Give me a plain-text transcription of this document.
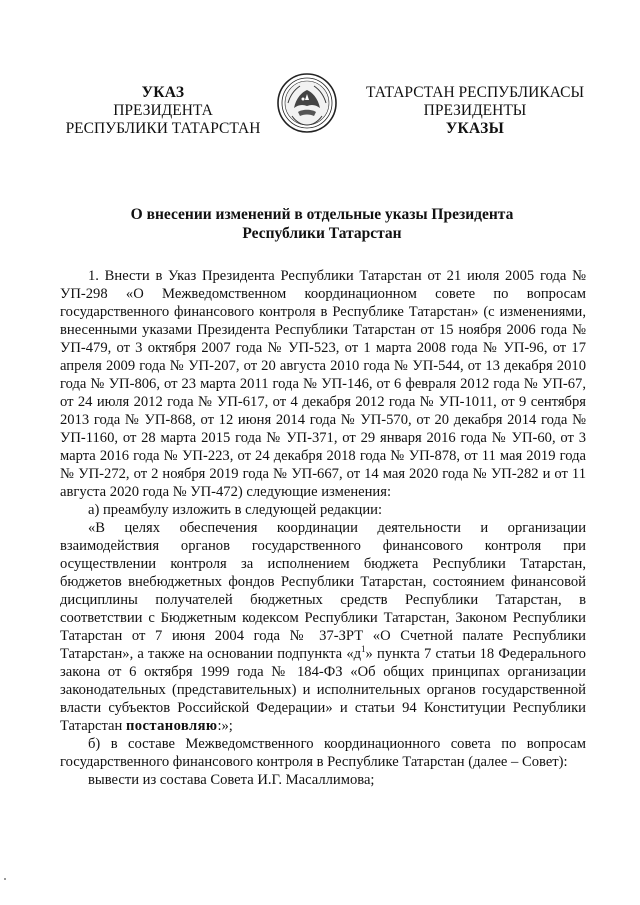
УКАЗ
ПРЕЗИДЕНТА
РЕСПУБЛИКИ ТАТАРСТАН
ТАТАРСТАН РЕСПУБЛИКАСЫ
ПРЕЗИДЕНТЫ
УКАЗЫ
О внесении изменений в отдельные указы Президента
Республики Татарстан

1. Внести в Указ Президента Республики Татарстан от 21 июля 2005 года № УП-298 «О Межведомственном координационном совете по вопросам государственного финансового контроля в Республике Татарстан» (с изменениями, внесенными указами Президента Республики Татарстан от 15 ноября 2006 года № УП-479, от 3 октября 2007 года № УП-523, от 1 марта 2008 года № УП-96, от 17 апреля 2009 года № УП-207, от 20 августа 2010 года № УП-544, от 13 декабря 2010 года № УП-806, от 23 марта 2011 года № УП-146, от 6 февраля 2012 года № УП-67, от 24 июля 2012 года № УП-617, от 4 декабря 2012 года № УП-1011, от 9 сентября 2013 года № УП-868, от 12 июня 2014 года № УП-570, от 20 декабря 2014 года № УП-1160, от 28 марта 2015 года № УП-371, от 29 января 2016 года № УП-60, от 3 марта 2016 года № УП-223, от 24 декабря 2018 года № УП-878, от 11 мая 2019 года № УП-272, от 2 ноября 2019 года № УП-667, от 14 мая 2020 года № УП-282 и от 11 августа 2020 года № УП-472) следующие изменения:

а) преамбулу изложить в следующей редакции:

«В целях обеспечения координации деятельности и организации взаимодействия органов государственного финансового контроля при осуществлении контроля за исполнением бюджета Республики Татарстан, бюджетов внебюджетных фондов Республики Татарстан, состоянием финансовой дисциплины получателей бюджетных средств Республики Татарстан, в соответствии с Бюджетным кодексом Республики Татарстан, Законом Республики Татарстан от 7 июня 2004 года № 37-ЗРТ «О Счетной палате Республики Татарстан», а также на основании подпункта «$д^1$» пункта 7 статьи 18 Федерального закона от 6 октября 1999 года № 184-ФЗ «Об общих принципах организации законодательных (представительных) и исполнительных органов государственной власти субъектов Российской Федерации» и статьи 94 Конституции Республики Татарстан постановляю:»;

б) в составе Межведомственного координационного совета по вопросам государственного финансового контроля в Республике Татарстан (далее – Совет):

вывести из состава Совета И.Г. Масаллимова;
